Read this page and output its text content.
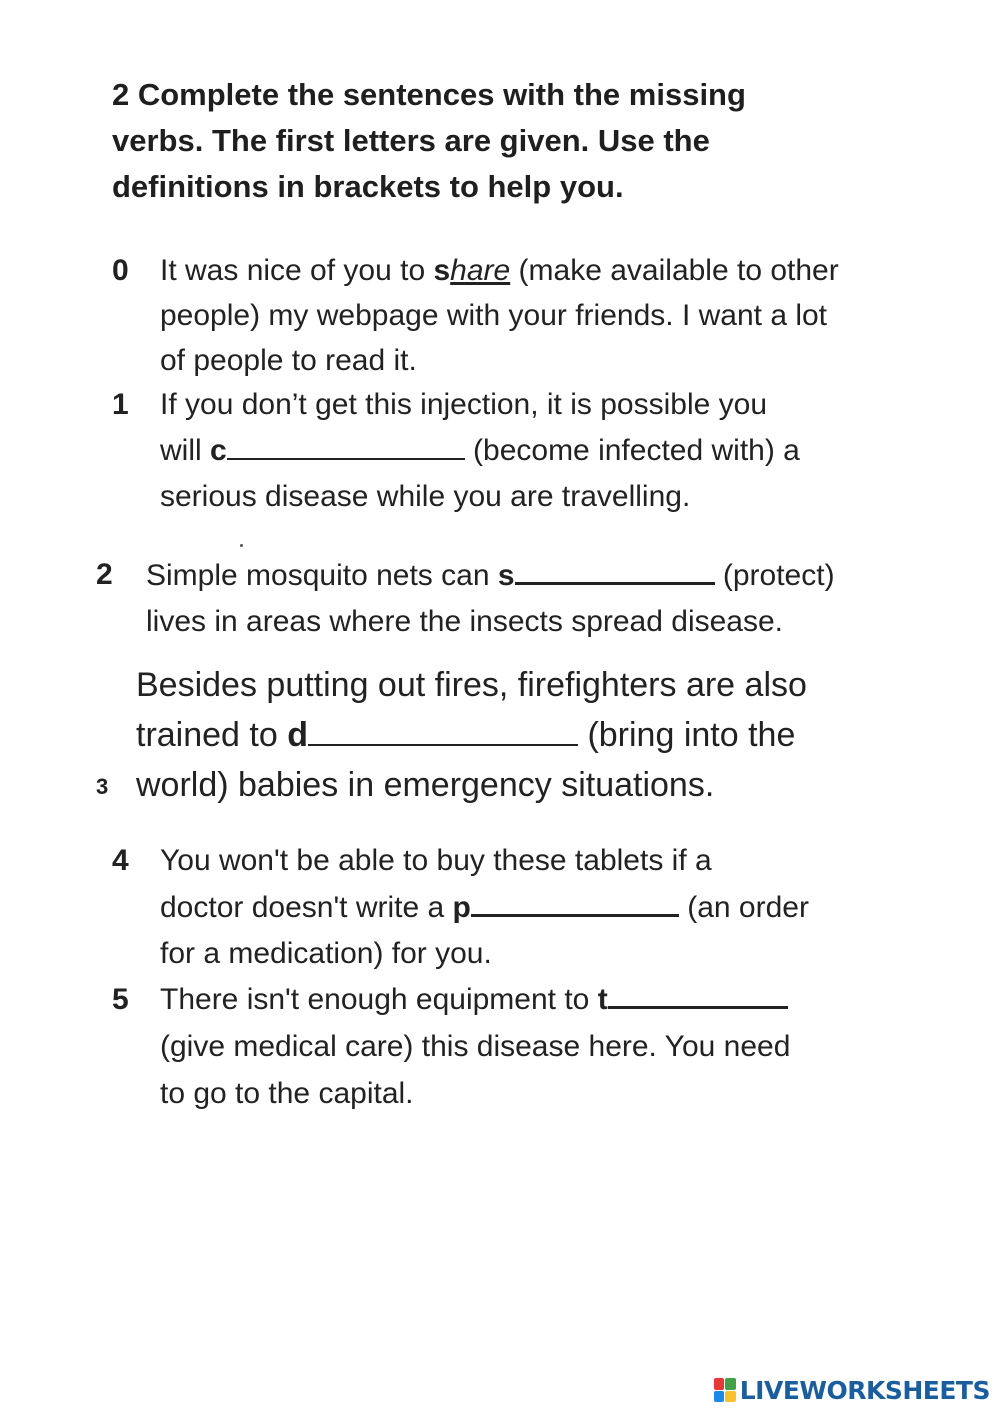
2 Complete the sentences with the missing
verbs. The first letters are given. Use the
definitions in brackets to help you.
0 It was nice of you to share (make available to other
people) my webpage with your friends. I want a lot
of people to read it.
1 If you don’t get this injection, it is possible you
will c	(become infected with) a
serious disease while you are travelling.
2 Simple mosquito nets can s	(protect)
lives in areas where the insects spread disease.
3
Besides putting out fires, firefighters are also
trained to d	(bring into the
world) babies in emergency situations.
4 You won't be able to buy these tablets if a
doctor doesn't write a p	(an order
for a medication) for you.
5 There isn't enough equipment to t
(give medical care) this disease here. You need
to go to the capital.
LIVEWORKSHEETS
